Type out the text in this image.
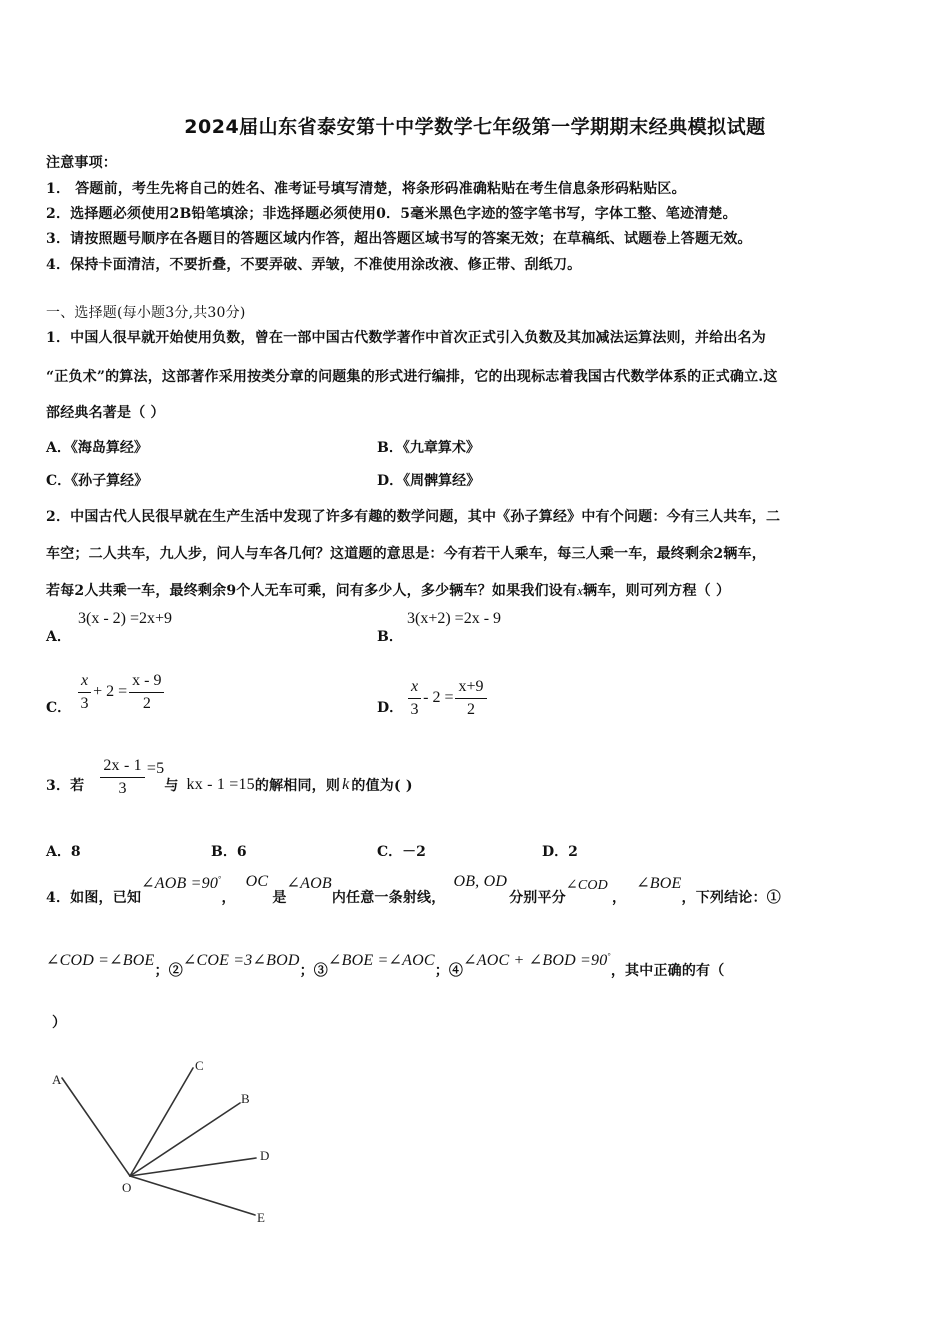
2024届山东省泰安第十中学数学七年级第一学期期末经典模拟试题
注意事项：
1． 答题前，考生先将自己的姓名、准考证号填写清楚，将条形码准确粘贴在考生信息条形码粘贴区。
2．选择题必须使用2B铅笔填涂；非选择题必须使用0．5毫米黑色字迹的签字笔书写，字体工整、笔迹清楚。
3．请按照题号顺序在各题目的答题区域内作答，超出答题区域书写的答案无效；在草稿纸、试题卷上答题无效。
4．保持卡面清洁，不要折叠，不要弄破、弄皱，不准使用涂改液、修正带、刮纸刀。
一、选择题(每小题3分,共30分)
1．中国人很早就开始使用负数，曾在一部中国古代数学著作中首次正式引入负数及其加减法运算法则，并给出名为
“正负术”的算法，这部著作采用按类分章的问题集的形式进行编排，它的出现标志着我国古代数学体系的正式确立.这
部经典名著是（ ）
A．《海岛算经》	B．《九章算术》
C．《孙子算经》	D．《周髀算经》
2．中国古代人民很早就在生产生活中发现了许多有趣的数学问题，其中《孙子算经》中有个问题：今有三人共车，二
车空；二人共车，九人步，问人与车各几何？这道题的意思是：今有若干人乘车，每三人乘一车，最终剩余2辆车，
若每2人共乘一车，最终剩余9个人无车可乘，问有多少人，多少辆车？如果我们设有x辆车，则可列方程（ ）
A．
3(x - 2) =2x+9
B．
3(x+2) =2x - 9
C． $\frac{x}{3} + 2 = \frac{x - 9}{2}$	D． $\frac{x}{3} - 2 = \frac{x+9}{2}$
3．若 $\frac{2x - 1}{3} =5$与 kx - 1 =15的解相同，则 k 的值为( )
A．8	B．6	C．－2	D．2
4．如图，已知∠AOB =90°，OC是∠AOB内任意一条射线，OB, OD分别平分∠COD，∠BOE，下列结论：①
∠COD =∠BOE；②∠COE =3∠BOD；③∠BOE =∠AOC；④∠AOC + ∠BOD =90°，其中正确的有（
）
A
C
B
D
E
O
